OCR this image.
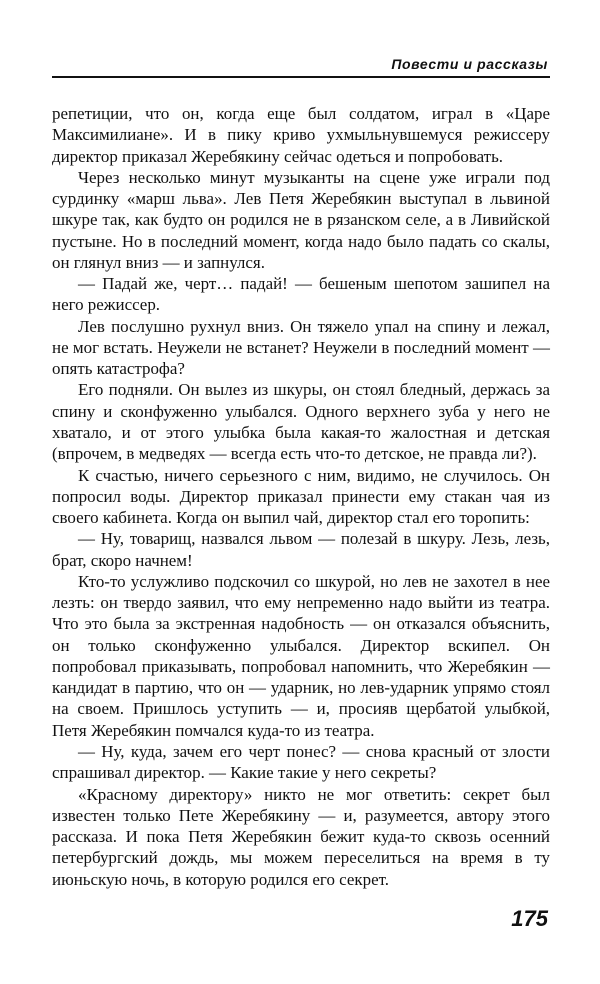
Повести и рассказы

репетиции, что он, когда еще был солдатом, играл в «Царе Максимилиане». И в пику криво ухмыльнувшемуся режиссеру директор приказал Жеребякину сейчас одеться и попробовать.

Через несколько минут музыканты на сцене уже играли под сурдинку «марш льва». Лев Петя Жеребякин выступал в львиной шкуре так, как будто он родился не в рязанском селе, а в Ливийской пустыне. Но в последний момент, когда надо было падать со скалы, он глянул вниз — и запнулся.

— Падай же, черт… падай! — бешеным шепотом зашипел на него режиссер.

Лев послушно рухнул вниз. Он тяжело упал на спину и лежал, не мог встать. Неужели не встанет? Неужели в последний момент — опять катастрофа?

Его подняли. Он вылез из шкуры, он стоял бледный, держась за спину и сконфуженно улыбался. Одного верхнего зуба у него не хватало, и от этого улыбка была какая-то жалостная и детская (впрочем, в медведях — всегда есть что-то детское, не правда ли?).

К счастью, ничего серьезного с ним, видимо, не случилось. Он попросил воды. Директор приказал принести ему стакан чая из своего кабинета. Когда он выпил чай, директор стал его торопить:

— Ну, товарищ, назвался львом — полезай в шкуру. Лезь, лезь, брат, скоро начнем!

Кто-то услужливо подскочил со шкурой, но лев не захотел в нее лезть: он твердо заявил, что ему непременно надо выйти из театра. Что это была за экстренная надобность — он отказался объяснить, он только сконфуженно улыбался. Директор вскипел. Он попробовал приказывать, попробовал напомнить, что Жеребякин — кандидат в партию, что он — ударник, но лев-ударник упрямо стоял на своем. Пришлось уступить — и, просияв щербатой улыбкой, Петя Жеребякин помчался куда-то из театра.

— Ну, куда, зачем его черт понес? — снова красный от злости спрашивал директор. — Какие такие у него секреты?

«Красному директору» никто не мог ответить: секрет был известен только Пете Жеребякину — и, разумеется, автору этого рассказа. И пока Петя Жеребякин бежит куда-то сквозь осенний петербургский дождь, мы можем переселиться на время в ту июньскую ночь, в которую родился его секрет.

175
